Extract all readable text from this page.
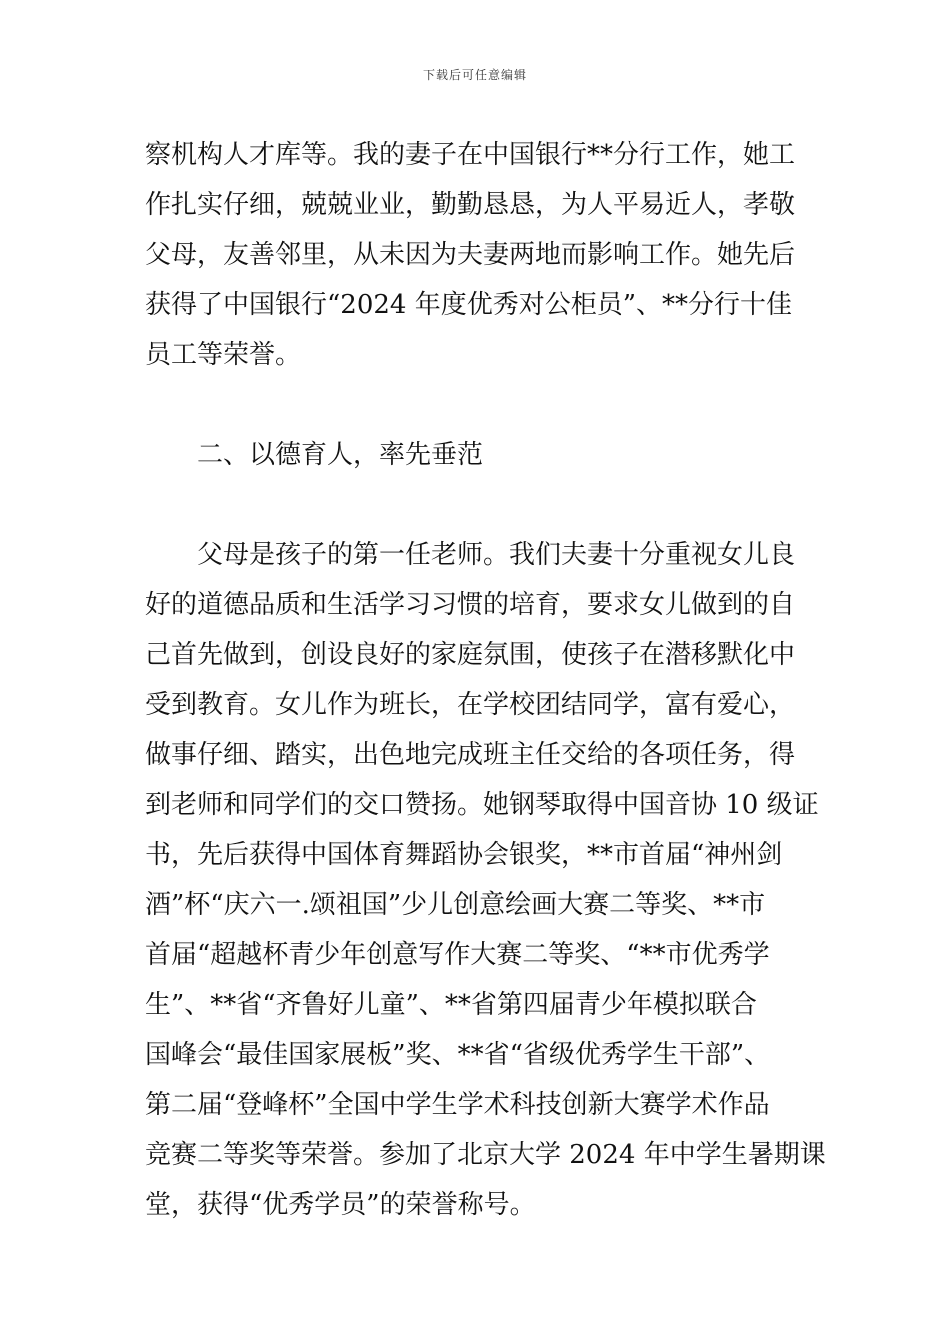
下载后可任意编辑
察机构人才库等。我的妻子在中国银行**分行工作，她工
作扎实仔细，兢兢业业，勤勤恳恳，为人平易近人，孝敬
父母，友善邻里，从未因为夫妻两地而影响工作。她先后
获得了中国银行“2024 年度优秀对公柜员”、**分行十佳
员工等荣誉。
二、以德育人，率先垂范
父母是孩子的第一任老师。我们夫妻十分重视女儿良
好的道德品质和生活学习习惯的培育，要求女儿做到的自
己首先做到，创设良好的家庭氛围，使孩子在潜移默化中
受到教育。女儿作为班长，在学校团结同学，富有爱心，
做事仔细、踏实，出色地完成班主任交给的各项任务，得
到老师和同学们的交口赞扬。她钢琴取得中国音协 10 级证
书，先后获得中国体育舞蹈协会银奖，**市首届“神州剑
酒”杯“庆六一.颂祖国”少儿创意绘画大赛二等奖、**市
首届“超越杯青少年创意写作大赛二等奖、“**市优秀学
生”、**省“齐鲁好儿童”、**省第四届青少年模拟联合
国峰会“最佳国家展板”奖、**省“省级优秀学生干部”、
第二届“登峰杯”全国中学生学术科技创新大赛学术作品
竞赛二等奖等荣誉。参加了北京大学 2024 年中学生暑期课
堂，获得“优秀学员”的荣誉称号。
